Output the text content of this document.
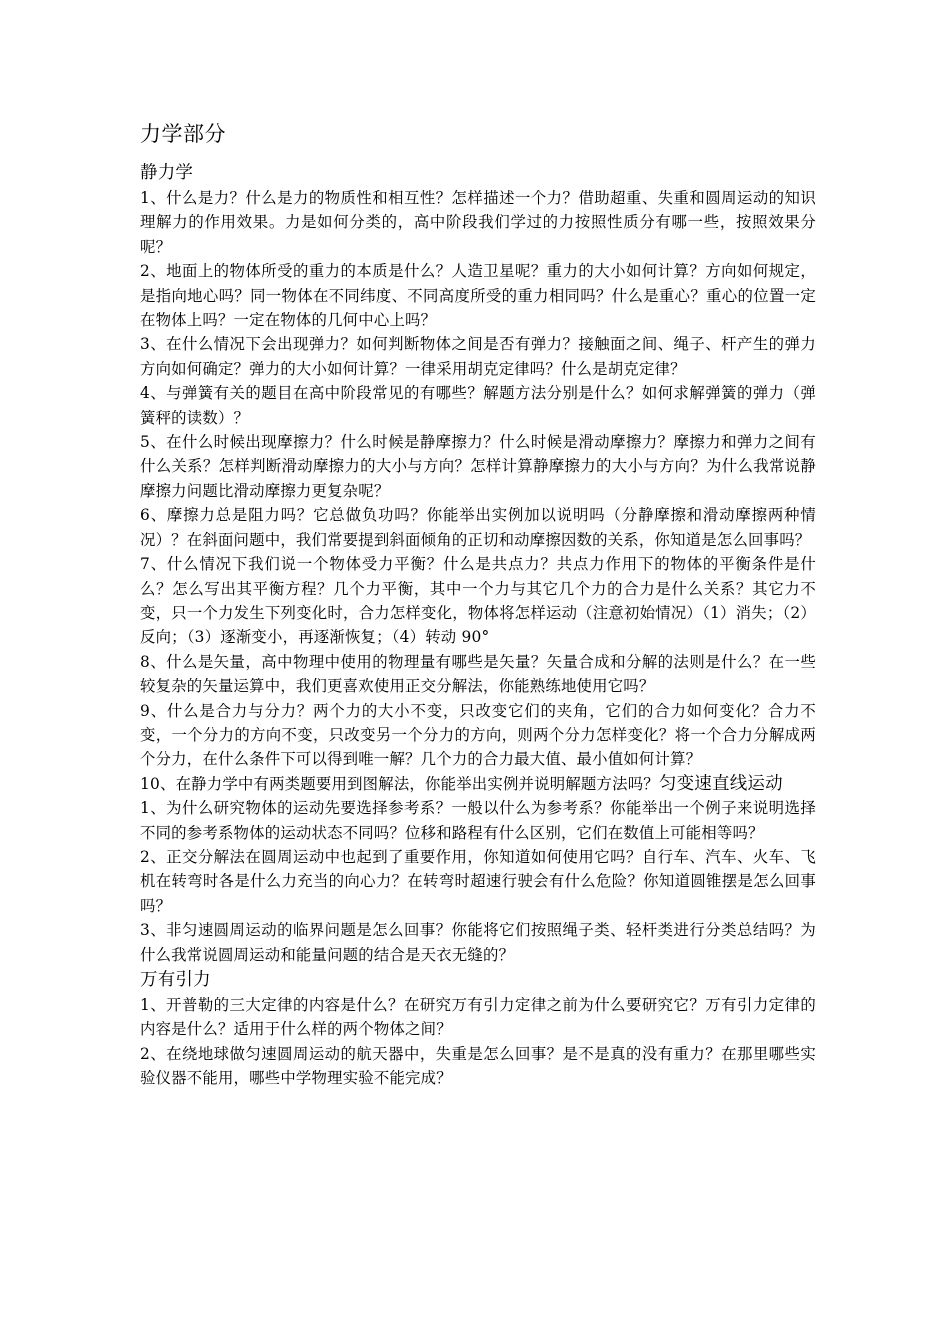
力学部分
静力学

1、什么是力？什么是力的物质性和相互性？怎样描述一个力？借助超重、失重和圆周运动的知识理解力的作用效果。力是如何分类的，高中阶段我们学过的力按照性质分有哪一些，按照效果分呢？

2、地面上的物体所受的重力的本质是什么？人造卫星呢？重力的大小如何计算？方向如何规定，是指向地心吗？同一物体在不同纬度、不同高度所受的重力相同吗？什么是重心？重心的位置一定在物体上吗？一定在物体的几何中心上吗？

3、在什么情况下会出现弹力？如何判断物体之间是否有弹力？接触面之间、绳子、杆产生的弹力方向如何确定？弹力的大小如何计算？一律采用胡克定律吗？什么是胡克定律？

4、与弹簧有关的题目在高中阶段常见的有哪些？解题方法分别是什么？如何求解弹簧的弹力（弹簧秤的读数）？

5、在什么时候出现摩擦力？什么时候是静摩擦力？什么时候是滑动摩擦力？摩擦力和弹力之间有什么关系？怎样判断滑动摩擦力的大小与方向？怎样计算静摩擦力的大小与方向？为什么我常说静摩擦力问题比滑动摩擦力更复杂呢？

6、摩擦力总是阻力吗？它总做负功吗？你能举出实例加以说明吗（分静摩擦和滑动摩擦两种情况）？在斜面问题中，我们常要提到斜面倾角的正切和动摩擦因数的关系，你知道是怎么回事吗？

7、什么情况下我们说一个物体受力平衡？什么是共点力？共点力作用下的物体的平衡条件是什么？怎么写出其平衡方程？几个力平衡，其中一个力与其它几个力的合力是什么关系？其它力不变，只一个力发生下列变化时，合力怎样变化，物体将怎样运动（注意初始情况）（1）消失；（2）反向；（3）逐渐变小，再逐渐恢复；（4）转动 90°

8、什么是矢量，高中物理中使用的物理量有哪些是矢量？矢量合成和分解的法则是什么？在一些较复杂的矢量运算中，我们更喜欢使用正交分解法，你能熟练地使用它吗？

9、什么是合力与分力？两个力的大小不变，只改变它们的夹角，它们的合力如何变化？合力不变，一个分力的方向不变，只改变另一个分力的方向，则两个分力怎样变化？将一个合力分解成两个分力，在什么条件下可以得到唯一解？几个力的合力最大值、最小值如何计算？

10、在静力学中有两类题要用到图解法，你能举出实例并说明解题方法吗？匀变速直线运动

1、为什么研究物体的运动先要选择参考系？一般以什么为参考系？你能举出一个例子来说明选择不同的参考系物体的运动状态不同吗？位移和路程有什么区别，它们在数值上可能相等吗？

2、正交分解法在圆周运动中也起到了重要作用，你知道如何使用它吗？自行车、汽车、火车、飞机在转弯时各是什么力充当的向心力？在转弯时超速行驶会有什么危险？你知道圆锥摆是怎么回事吗？

3、非匀速圆周运动的临界问题是怎么回事？你能将它们按照绳子类、轻杆类进行分类总结吗？为什么我常说圆周运动和能量问题的结合是天衣无缝的？

万有引力

1、开普勒的三大定律的内容是什么？在研究万有引力定律之前为什么要研究它？万有引力定律的内容是什么？适用于什么样的两个物体之间？

2、在绕地球做匀速圆周运动的航天器中，失重是怎么回事？是不是真的没有重力？在那里哪些实验仪器不能用，哪些中学物理实验不能完成？
